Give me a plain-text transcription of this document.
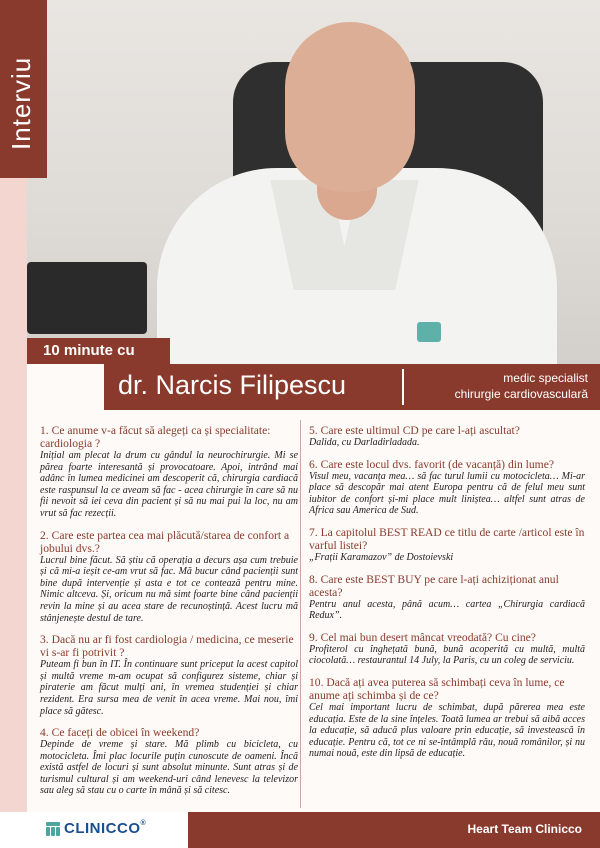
Interviu
10 minute cu
dr. Narcis Filipescu	medic specialist
chirurgie cardiovasculară
1. Ce anume v-a făcut să alegeți ca și specialitate: cardiologia ?
Inițial am plecat la drum cu gândul la neurochirurgie. Mi se părea foarte interesantă și provocatoare. Apoi, intrând mai adânc în lumea medicinei am descoperit că, chirurgia cardiacă este raspunsul la ce aveam să fac - acea chirurgie în care să nu fii nevoit să iei ceva din pacient și să nu mai pui la loc, nu am vrut să fac rezecții.
2. Care este partea cea mai plăcută/starea de confort a jobului dvs.?
Lucrul bine făcut. Să știu că operația a decurs așa cum trebuie și că mi-a ieșit ce-am vrut să fac. Mă bucur când pacienții sunt bine după intervenție și asta e tot ce contează pentru mine. Nimic altceva. Și, oricum nu mă simt foarte bine când pacienții revin la mine și au acea stare de recunoștință. Acest lucru mă stânjenește destul de tare.
3. Dacă nu ar fi fost cardiologia / medicina, ce meserie vi s-ar fi potrivit ?
Puteam fi bun în IT. În continuare sunt priceput la acest capitol și multă vreme m-am ocupat să configurez sisteme, chiar și piraterie am făcut mulți ani, în vremea studenției și chiar rezident. Era sursa mea de venit în acea vreme. Mai nou, îmi place să gătesc.
4. Ce faceți de obicei în weekend?
Depinde de vreme și stare. Mă plimb cu bicicleta, cu motocicleta. Îmi plac locurile puțin cunoscute de oameni. Încă există astfel de locuri și sunt absolut minunte. Sunt atras și de turismul cultural și am weekend-uri când lenevesc la televizor sau aleg să stau cu o carte în mână și să citesc.
5. Care este ultimul CD pe care l-ați ascultat?
Dalida, cu Darladirladada.
6. Care este locul dvs. favorit (de vacanță) din lume?
Visul meu, vacanța mea… să fac turul lumii cu motocicleta… Mi-ar place să descopăr mai atent Europa pentru că de felul meu sunt iubitor de confort și-mi place mult liniștea… altfel sunt atras de Africa sau America de Sud.
7. La capitolul BEST READ ce titlu de carte /articol este în varful listei?
„Frații Karamazov” de Dostoievski
8. Care este BEST BUY pe care l-ați achiziționat anul acesta?
Pentru anul acesta, până acum… cartea „Chirurgia cardiacă Redux”.
9. Cel mai bun desert mâncat vreodată? Cu cine?
Profiterol cu înghețată bună, bună acoperită cu multă, multă ciocolată… restaurantul 14 July, la Paris, cu un coleg de serviciu.
10. Dacă ați avea puterea să schimbați ceva în lume, ce anume ați schimba și de ce?
Cel mai important lucru de schimbat, după părerea mea este educația. Este de la sine înțeles. Toată lumea ar trebui să aibă acces la educație, să aducă plus valoare prin educație, să investească în educație. Pentru că, tot ce ni se-întâmplă rău, nouă românilor, și nu numai nouă, este din lipsă de educație.
CLINICCO®	Heart Team Clinicco
